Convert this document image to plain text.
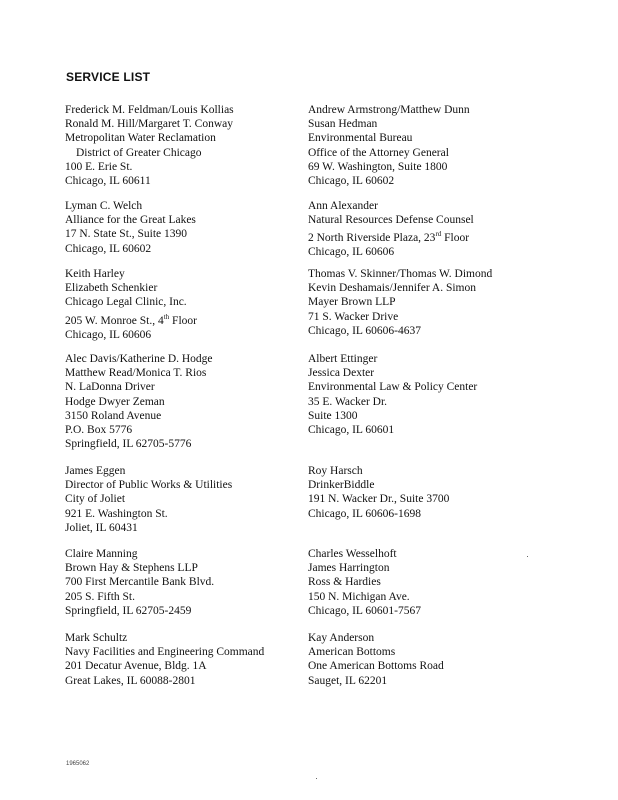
SERVICE LIST
Frederick M. Feldman/Louis Kollias
Ronald M. Hill/Margaret T. Conway
Metropolitan Water Reclamation
District of Greater Chicago
100 E. Erie St.
Chicago, IL 60611
Lyman C. Welch
Alliance for the Great Lakes
17 N. State St., Suite 1390
Chicago, IL 60602
Keith Harley
Elizabeth Schenkier
Chicago Legal Clinic, Inc.
205 W. Monroe St., 4th Floor
Chicago, IL 60606
Alec Davis/Katherine D. Hodge
Matthew Read/Monica T. Rios
N. LaDonna Driver
Hodge Dwyer Zeman
3150 Roland Avenue
P.O. Box 5776
Springfield, IL 62705-5776
James Eggen
Director of Public Works & Utilities
City of Joliet
921 E. Washington St.
Joliet, IL 60431
Claire Manning
Brown Hay & Stephens LLP
700 First Mercantile Bank Blvd.
205 S. Fifth St.
Springfield, IL 62705-2459
Mark Schultz
Navy Facilities and Engineering Command
201 Decatur Avenue, Bldg. 1A
Great Lakes, IL 60088-2801
Andrew Armstrong/Matthew Dunn
Susan Hedman
Environmental Bureau
Office of the Attorney General
69 W. Washington, Suite 1800
Chicago, IL 60602
Ann Alexander
Natural Resources Defense Counsel
2 North Riverside Plaza, 23rd Floor
Chicago, IL 60606
Thomas V. Skinner/Thomas W. Dimond
Kevin Deshamais/Jennifer A. Simon
Mayer Brown LLP
71 S. Wacker Drive
Chicago, IL 60606-4637
Albert Ettinger
Jessica Dexter
Environmental Law & Policy Center
35 E. Wacker Dr.
Suite 1300
Chicago, IL 60601
Roy Harsch
DrinkerBiddle
191 N. Wacker Dr., Suite 3700
Chicago, IL 60606-1698
Charles Wesselhoft
James Harrington
Ross & Hardies
150 N. Michigan Ave.
Chicago, IL 60601-7567
Kay Anderson
American Bottoms
One American Bottoms Road
Sauget, IL 62201
1965062
